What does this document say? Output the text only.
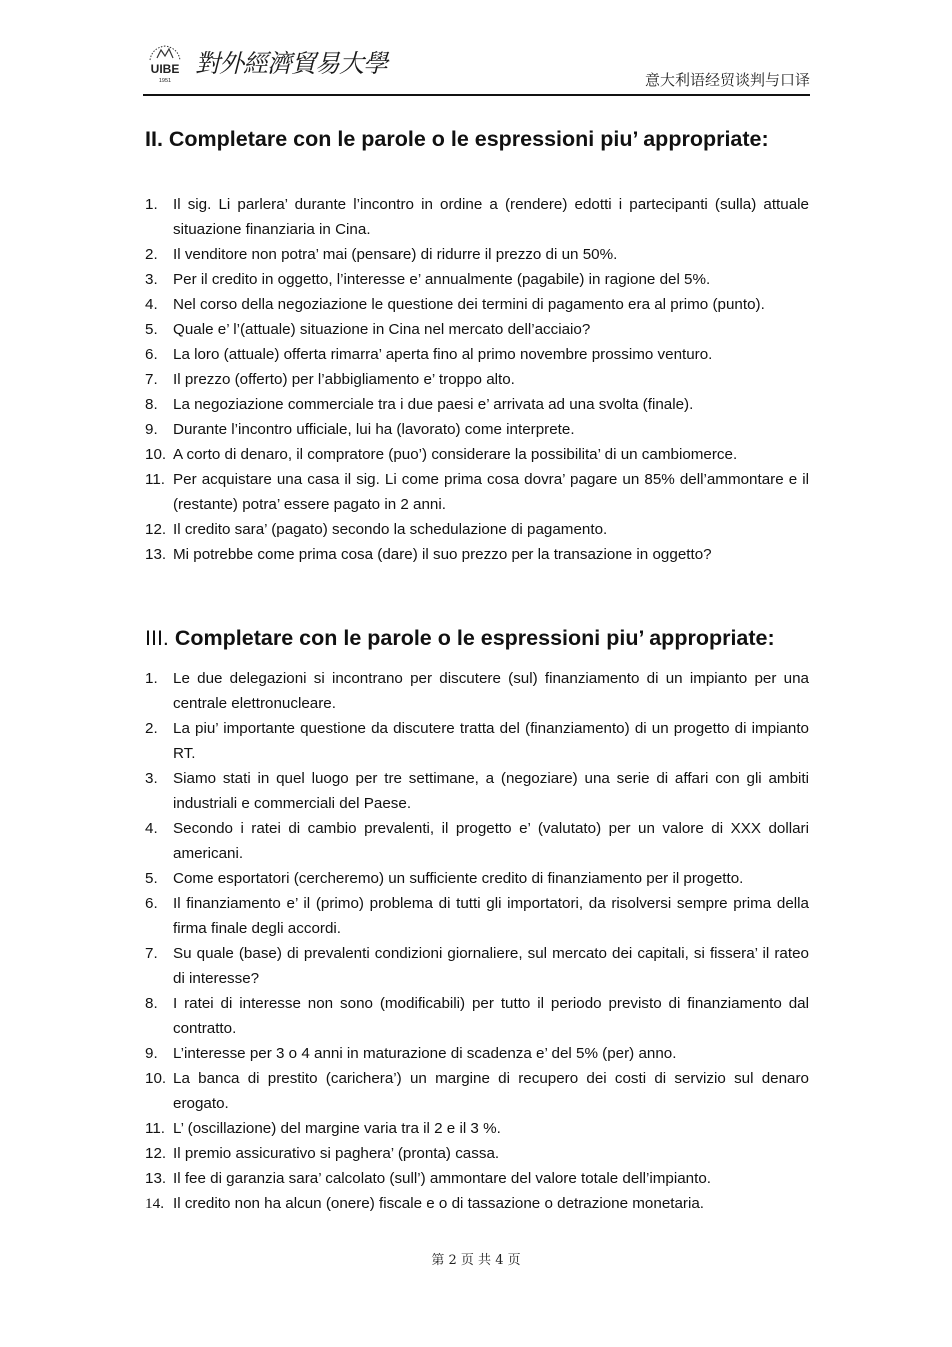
UIBE
1951
對外經濟貿易大學
意大利语经贸谈判与口译
II. Completare con le parole o le espressioni piu’ appropriate:
1. Il sig. Li parlera’ durante l’incontro in ordine a (rendere) edotti i partecipanti (sulla) attuale situazione finanziaria in Cina.
2. Il venditore non potra’ mai (pensare) di ridurre il prezzo di un 50%.
3. Per il credito in oggetto, l’interesse e’ annualmente (pagabile) in ragione del 5%.
4. Nel corso della negoziazione le questione dei termini di pagamento era al primo (punto).
5. Quale e’ l’(attuale) situazione in Cina nel mercato dell’acciaio?
6. La loro (attuale) offerta rimarra’ aperta fino al primo novembre prossimo venturo.
7. Il prezzo (offerto) per l’abbigliamento e’ troppo alto.
8. La negoziazione commerciale tra i due paesi e’ arrivata ad una svolta (finale).
9. Durante l’incontro ufficiale, lui ha (lavorato) come interprete.
10. A corto di denaro, il compratore (puo’) considerare la possibilita’ di un cambiomerce.
11. Per acquistare una casa il sig. Li come prima cosa dovra’ pagare un 85% dell’ammontare e il (restante) potra’ essere pagato in 2 anni.
12. Il credito sara’ (pagato) secondo la schedulazione di pagamento.
13. Mi potrebbe come prima cosa (dare) il suo prezzo per la transazione in oggetto?
III. Completare con le parole o le espressioni piu’ appropriate:
1. Le due delegazioni si incontrano per discutere (sul) finanziamento di un impianto per una centrale elettronucleare.
2. La piu’ importante questione da discutere tratta del (finanziamento) di un progetto di impianto RT.
3. Siamo stati in quel luogo per tre settimane, a (negoziare) una serie di affari con gli ambiti industriali e commerciali del Paese.
4. Secondo i ratei di cambio prevalenti, il progetto e’ (valutato) per un valore di XXX dollari americani.
5. Come esportatori (cercheremo) un sufficiente credito di finanziamento per il progetto.
6. Il finanziamento e’ il (primo) problema di tutti gli importatori, da risolversi sempre prima della firma finale degli accordi.
7. Su quale (base) di prevalenti condizioni giornaliere, sul mercato dei capitali, si fissera’ il rateo di interesse?
8. I ratei di interesse non sono (modificabili) per tutto il periodo previsto di finanziamento dal contratto.
9. L’interesse per 3 o 4 anni in maturazione di scadenza e’ del 5% (per) anno.
10. La banca di prestito (carichera’) un margine di recupero dei costi di servizio sul denaro erogato.
11. L’ (oscillazione) del margine varia tra il 2 e il 3 %.
12. Il premio assicurativo si paghera’ (pronta) cassa.
13. Il fee di garanzia sara’ calcolato (sull’) ammontare del valore totale dell’impianto.
14. Il credito non ha alcun (onere) fiscale e o di tassazione o detrazione monetaria.
第 2 页 共 4 页
